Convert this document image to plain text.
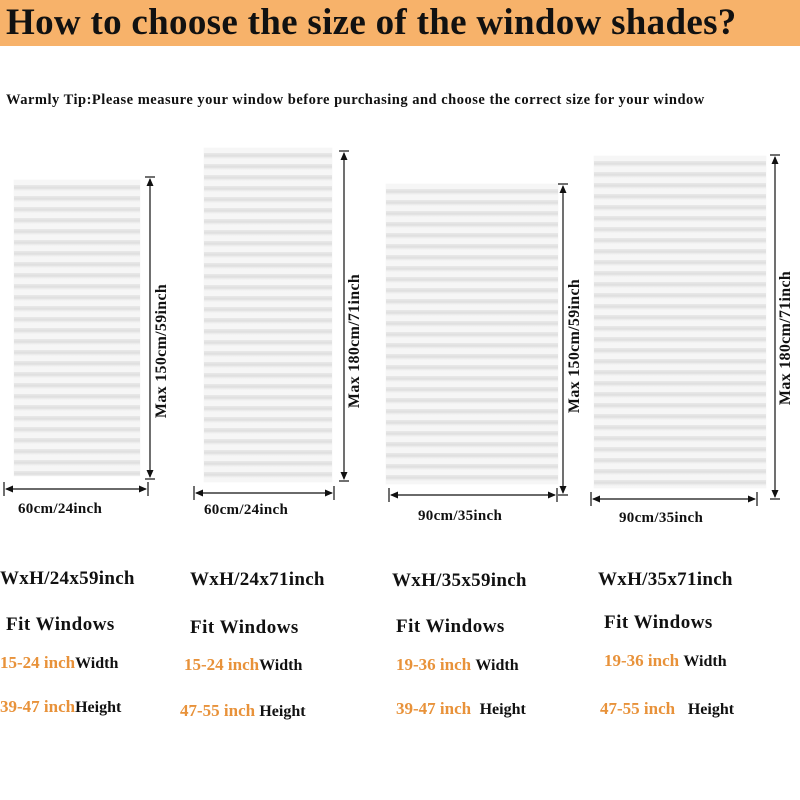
How to choose the size of the window shades?
Warmly Tip:Please measure your window before purchasing and choose the correct size for your window
Max 150cm/59inch
60cm/24inch
Max 180cm/71inch
60cm/24inch
Max 150cm/59inch
90cm/35inch
Max 180cm/71inch
90cm/35inch
WxH/24x59inch	WxH/24x71inch	WxH/35x59inch	WxH/35x71inch
Fit Windows	Fit Windows	Fit Windows	Fit Windows
15-24 inchWidth	15-24 inchWidth	19-36 inch Width	19-36 inch Width
39-47 inchHeight	47-55 inch Height	39-47 inch Height	47-55 inch Height
